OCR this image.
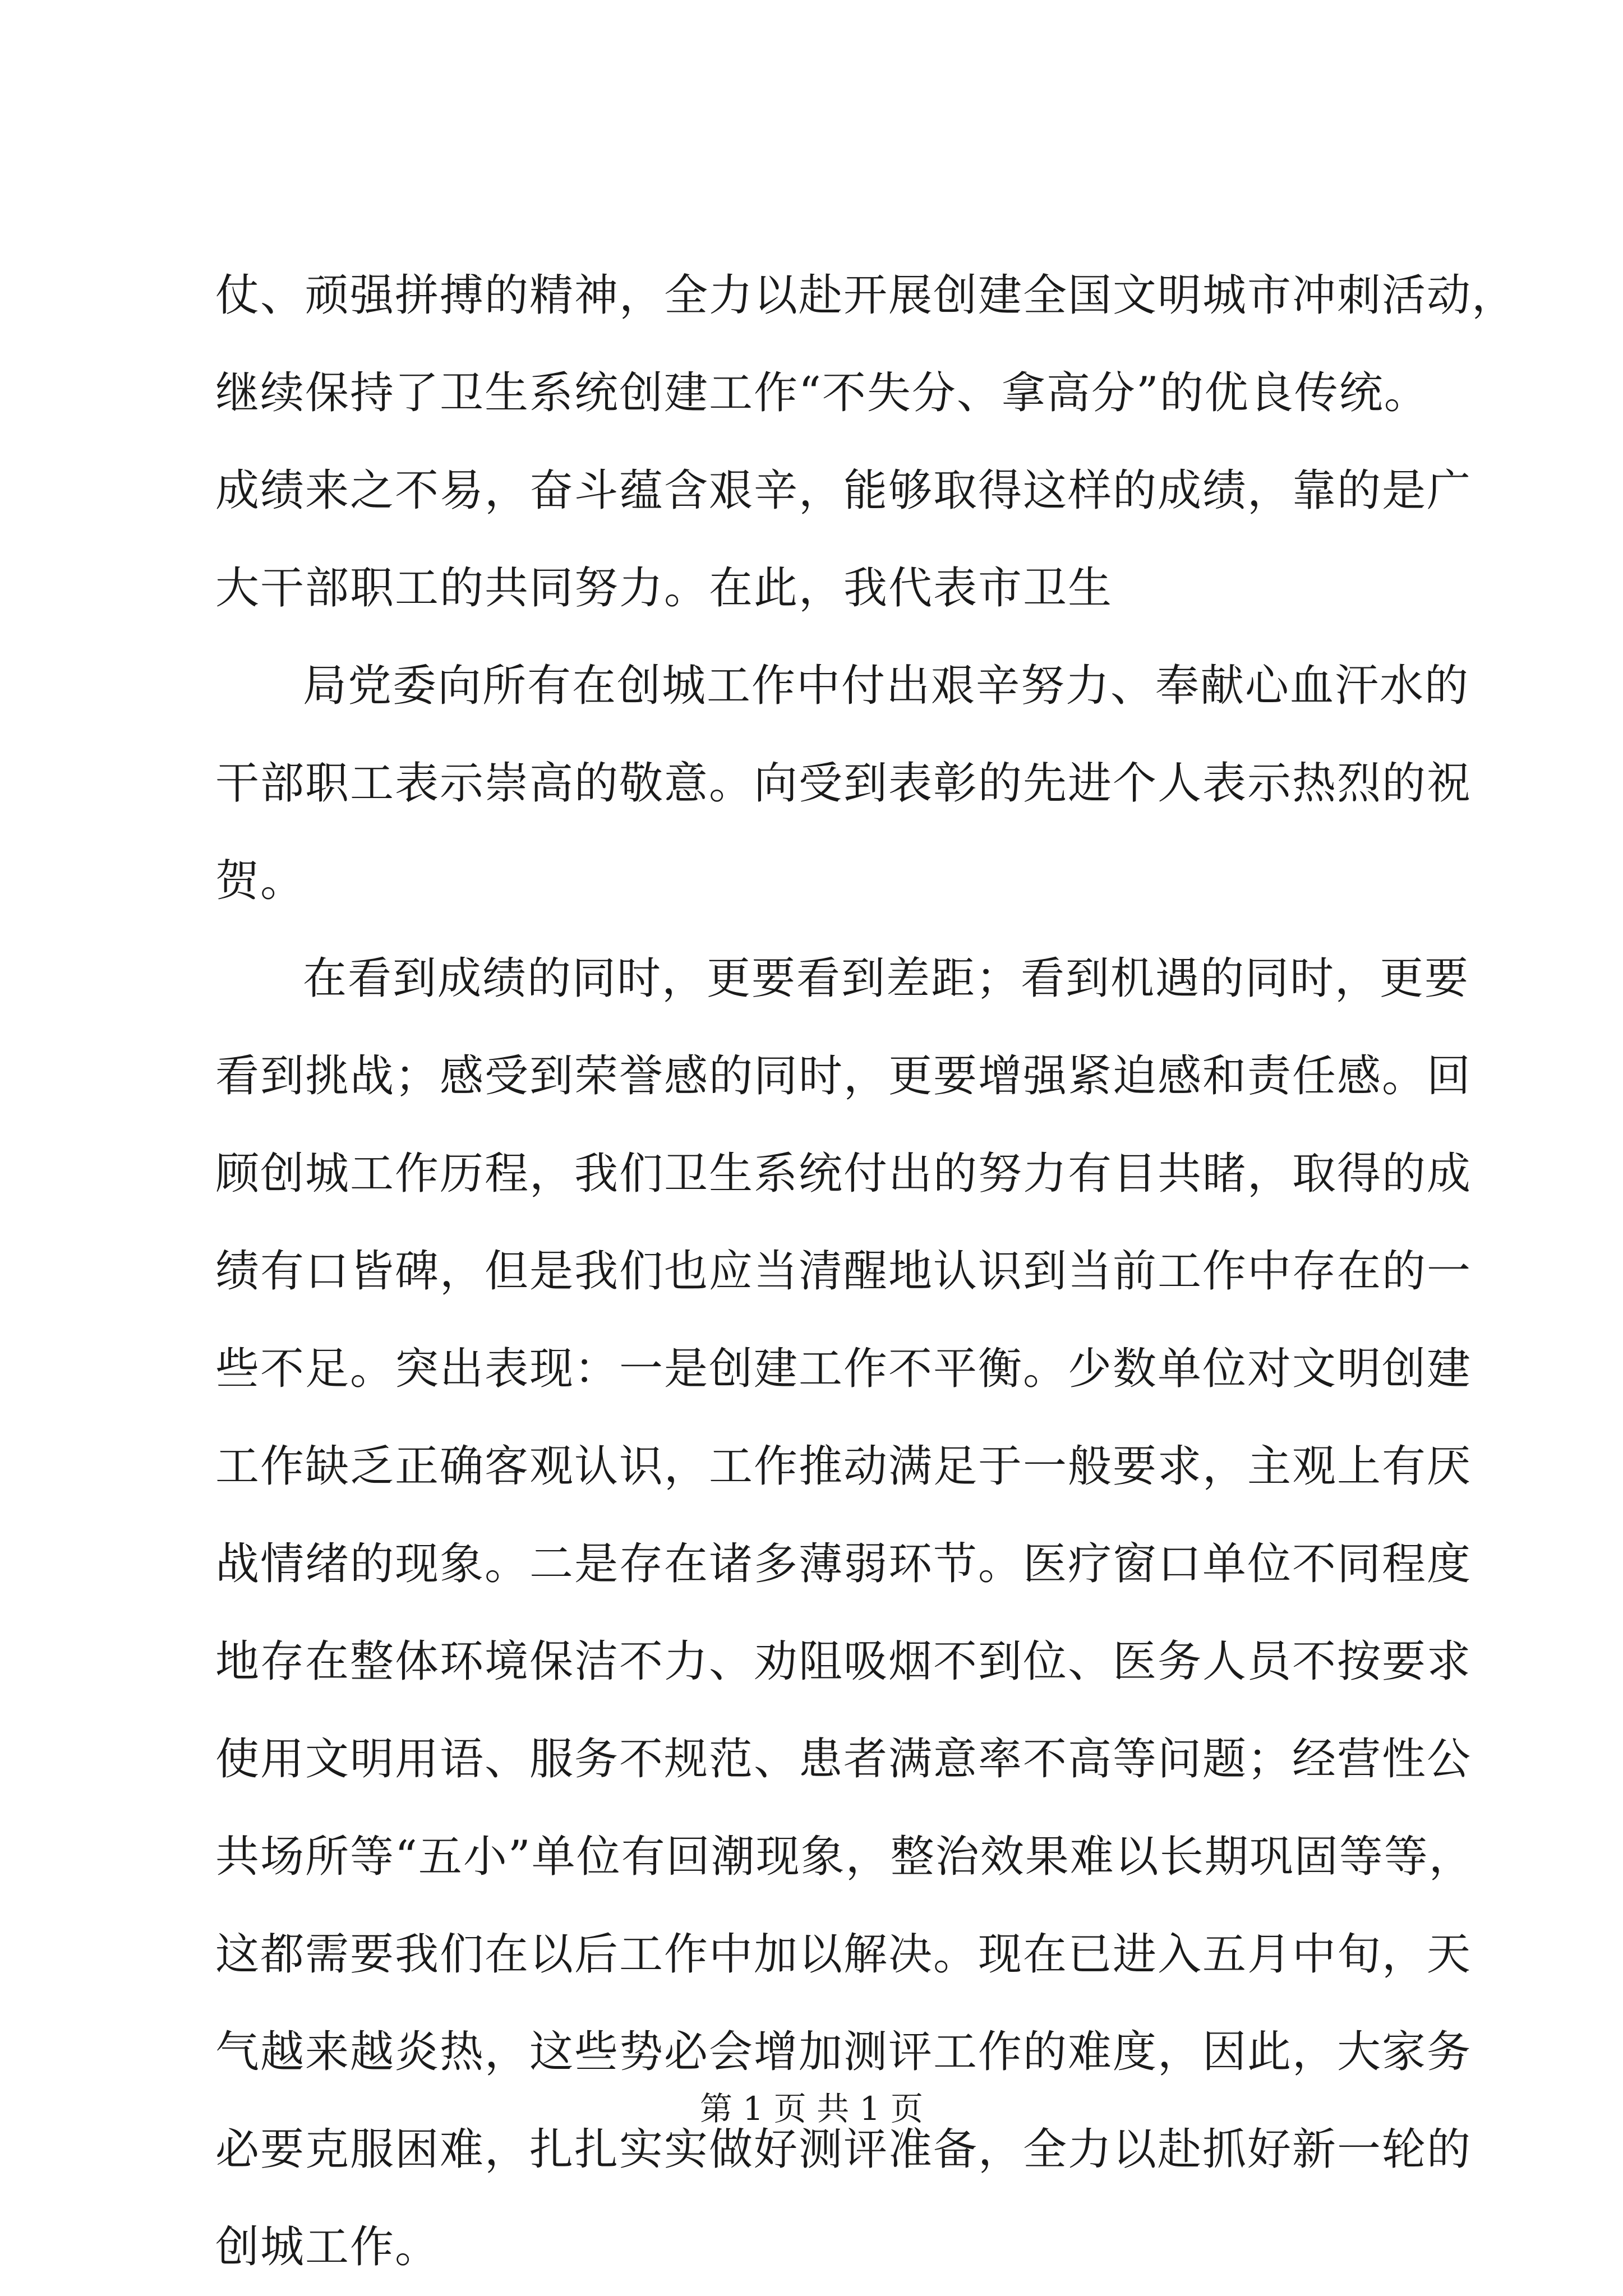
仗、顽强拼搏的精神，全力以赴开展创建全国文明城市冲刺活动，
继续保持了卫生系统创建工作“不失分、拿高分”的优良传统。
成绩来之不易，奋斗蕴含艰辛，能够取得这样的成绩，靠的是广
大干部职工的共同努力。在此，我代表市卫生
局党委向所有在创城工作中付出艰辛努力、奉献心血汗水的
干部职工表示崇高的敬意。向受到表彰的先进个人表示热烈的祝
贺。
在看到成绩的同时，更要看到差距；看到机遇的同时，更要
看到挑战；感受到荣誉感的同时，更要增强紧迫感和责任感。回
顾创城工作历程，我们卫生系统付出的努力有目共睹，取得的成
绩有口皆碑，但是我们也应当清醒地认识到当前工作中存在的一
些不足。突出表现：一是创建工作不平衡。少数单位对文明创建
工作缺乏正确客观认识，工作推动满足于一般要求，主观上有厌
战情绪的现象。二是存在诸多薄弱环节。医疗窗口单位不同程度
地存在整体环境保洁不力、劝阻吸烟不到位、医务人员不按要求
使用文明用语、服务不规范、患者满意率不高等问题；经营性公
共场所等“五小”单位有回潮现象，整治效果难以长期巩固等等，
这都需要我们在以后工作中加以解决。现在已进入五月中旬，天
气越来越炎热，这些势必会增加测评工作的难度，因此，大家务
必要克服困难，扎扎实实做好测评准备，全力以赴抓好新一轮的
创城工作。
第 1 页 共 1 页
